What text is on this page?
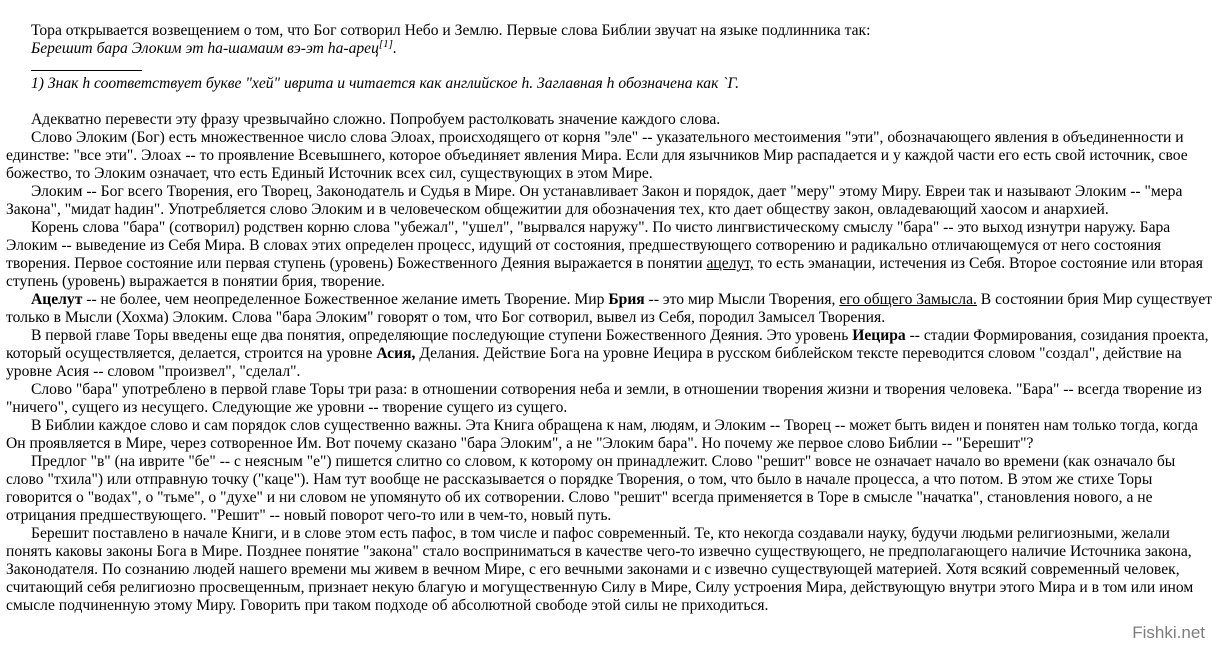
Тора открывается возвещением о том, что Бог сотворил Небо и Землю. Первые слова Библии звучат на языке подлинника так:

Берешит бара Элоким эт hа-шамаим вэ-эт hа-арец[1].

1) Знак h соответствует букве "хей" иврита и читается как английское h. Заглавная h обозначена как `Г.

Адекватно перевести эту фразу чрезвычайно сложно. Попробуем растолковать значение каждого слова.

Слово Элоким (Бог) есть множественное число слова Элоах, происходящего от корня "эле" -- указательного местоимения "эти", обозначающего явления в объединенности и единстве: "все эти". Элоах -- то проявление Всевышнего, которое объединяет явления Мира. Если для язычников Мир распадается и у каждой части его есть свой источник, свое божество, то Элоким означает, что есть Единый Источник всех сил, существующих в этом Мире.

Элоким -- Бог всего Творения, его Творец, Законодатель и Судья в Мире. Он устанавливает Закон и порядок, дает "меру" этому Миру. Евреи так и называют Элоким -- "мера Закона", "мидат hадин". Употребляется слово Элоким и в человеческом общежитии для обозначения тех, кто дает обществу закон, овладевающий хаосом и анархией.

Корень слова "бара" (сотворил) родствен корню слова "убежал", "ушел", "вырвался наружу". По чисто лингвистическому смыслу "бара" -- это выход изнутри наружу. Бара Элоким -- выведение из Себя Мира. В словах этих определен процесс, идущий от состояния, предшествующего сотворению и радикально отличающемуся от него состояния творения. Первое состояние или первая ступень (уровень) Божественного Деяния выражается в понятии ацелут, то есть эманации, истечения из Себя. Второе состояние или вторая ступень (уровень) выражается в понятии брия, творение.

Ацелут -- не более, чем неопределенное Божественное желание иметь Творение. Мир Брия -- это мир Мысли Творения, его общего Замысла. В состоянии брия Мир существует только в Мысли (Хохма) Элоким. Слова "бара Элоким" говорят о том, что Бог сотворил, вывел из Себя, породил Замысел Творения.

В первой главе Торы введены еще два понятия, определяющие последующие ступени Божественного Деяния. Это уровень Иецира -- стадии Формирования, созидания проекта, который осуществляется, делается, строится на уровне Асия, Делания. Действие Бога на уровне Иецира в русском библейском тексте переводится словом "создал", действие на уровне Асия -- словом "произвел", "сделал".

Слово "бара" употреблено в первой главе Торы три раза: в отношении сотворения неба и земли, в отношении творения жизни и творения человека. "Бара" -- всегда творение из "ничего", сущего из несущего. Следующие же уровни -- творение сущего из сущего.

В Библии каждое слово и сам порядок слов существенно важны. Эта Книга обращена к нам, людям, и Элоким -- Творец -- может быть виден и понятен нам только тогда, когда Он проявляется в Мире, через сотворенное Им. Вот почему сказано "бара Элоким", а не "Элоким бара". Но почему же первое слово Библии -- "Берешит"?

Предлог "в" (на иврите "бе" -- с неясным "е") пишется слитно со словом, к которому он принадлежит. Слово "решит" вовсе не означает начало во времени (как означало бы слово "тхила") или отправную точку ("каце"). Нам тут вообще не рассказывается о порядке Творения, о том, что было в начале процесса, а что потом. В этом же стихе Торы говорится о "водах", о "тьме", о "духе" и ни словом не упомянуто об их сотворении. Слово "решит" всегда применяется в Торе в смысле "начатка", становления нового, а не отрицания предшествующего. "Решит" -- новый поворот чего-то или в чем-то, новый путь.

Берешит поставлено в начале Книги, и в слове этом есть пафос, в том числе и пафос современный. Те, кто некогда создавали науку, будучи людьми религиозными, желали понять каковы законы Бога в Мире. Позднее понятие "закона" стало восприниматься в качестве чего-то извечно существующего, не предполагающего наличие Источника закона, Законодателя. По сознанию людей нашего времени мы живем в вечном Мире, с его вечными законами и с извечно существующей материей. Хотя всякий современный человек, считающий себя религиозно просвещенным, признает некую благую и могущественную Силу в Мире, Силу устроения Мира, действующую внутри этого Мира и в том или ином смысле подчиненную этому Миру. Говорить при таком подходе об абсолютной свободе этой силы не приходиться.

Fishki.net
